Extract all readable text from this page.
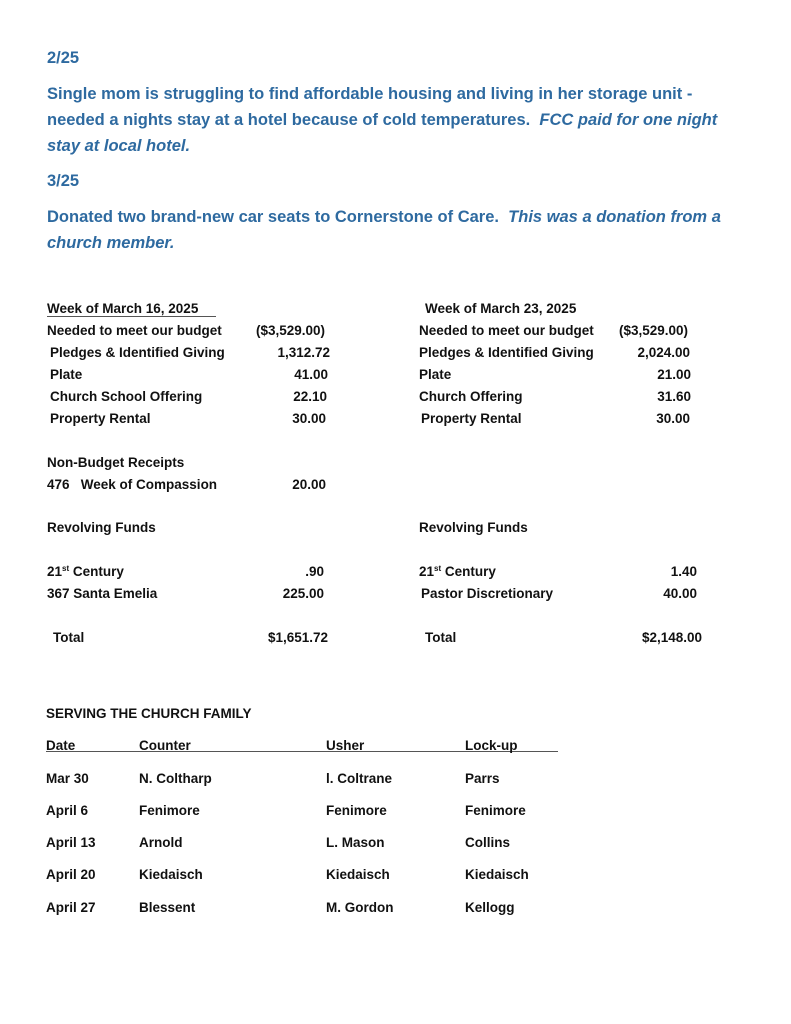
2/25
Single mom is struggling to find affordable housing and living in her storage unit - needed a nights stay at a hotel because of cold temperatures. FCC paid for one night stay at local hotel.
3/25
Donated two brand-new car seats to Cornerstone of Care. This was a donation from a church member.
Week of March 16, 2025
Needed to meet our budget	($3,529.00)
Pledges & Identified Giving	1,312.72
Plate	41.00
Church School Offering	22.10
Property Rental	30.00
Non-Budget Receipts
476   Week of Compassion	20.00
Revolving Funds
21st Century	.90
367 Santa Emelia	225.00
Total	$1,651.72
Week of March 23, 2025
Needed to meet our budget ($3,529.00)
Pledges & Identified Giving	2,024.00
Plate	21.00
Church Offering	31.60
Property Rental	30.00
Revolving Funds
21st Century	1.40
Pastor Discretionary	40.00
Total	$2,148.00
SERVING THE CHURCH FAMILY
Date	Counter	Usher	Lock-up
Mar 30	N. Coltharp	l. Coltrane	Parrs
April 6	Fenimore	Fenimore	Fenimore
April 13	Arnold	L. Mason	Collins
April 20	Kiedaisch	Kiedaisch	Kiedaisch
April 27	Blessent	M. Gordon	Kellogg
